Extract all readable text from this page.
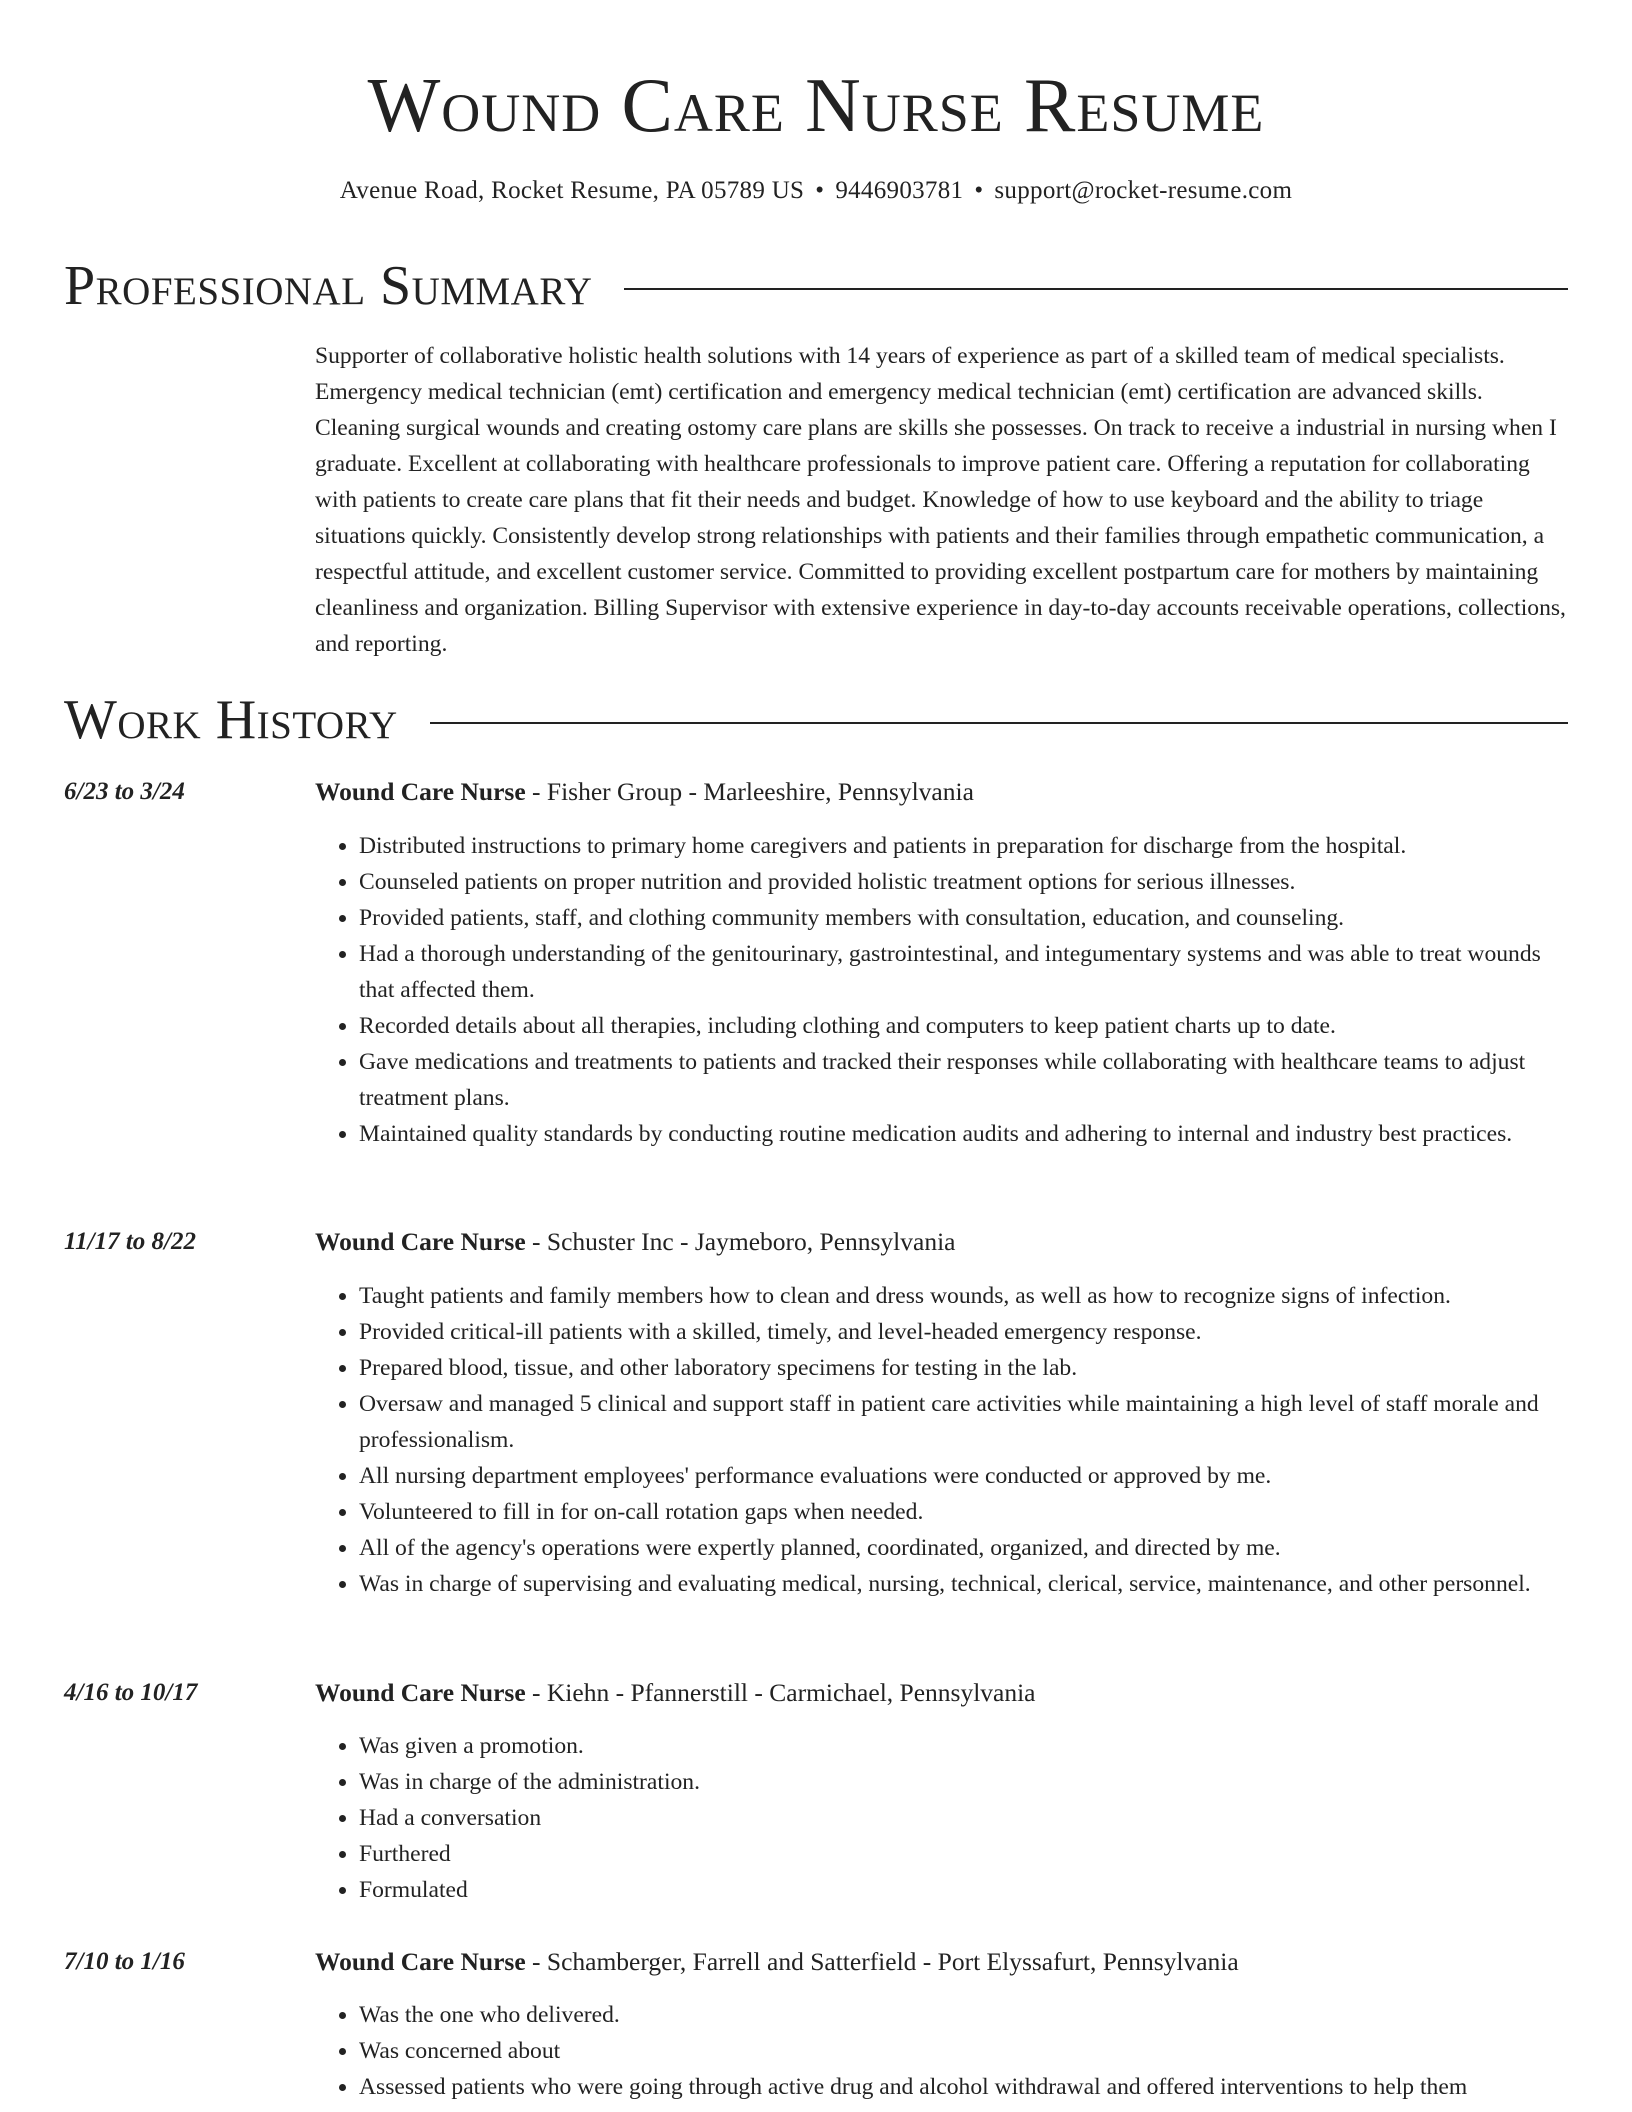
Wound Care Nurse Resume
Avenue Road, Rocket Resume, PA 05789 US • 9446903781 • support@rocket-resume.com
Professional Summary

Supporter of collaborative holistic health solutions with 14 years of experience as part of a skilled team of medical specialists. Emergency medical technician (emt) certification and emergency medical technician (emt) certification are advanced skills. Cleaning surgical wounds and creating ostomy care plans are skills she possesses. On track to receive a industrial in nursing when I graduate. Excellent at collaborating with healthcare professionals to improve patient care. Offering a reputation for collaborating with patients to create care plans that fit their needs and budget. Knowledge of how to use keyboard and the ability to triage situations quickly. Consistently develop strong relationships with patients and their families through empathetic communication, a respectful attitude, and excellent customer service. Committed to providing excellent postpartum care for mothers by maintaining cleanliness and organization. Billing Supervisor with extensive experience in day-to-day accounts receivable operations, collections, and reporting.

Work History
6/23 to 3/24	Wound Care Nurse - Fisher Group - Marleeshire, Pennsylvania
• Distributed instructions to primary home caregivers and patients in preparation for discharge from the hospital.
• Counseled patients on proper nutrition and provided holistic treatment options for serious illnesses.
• Provided patients, staff, and clothing community members with consultation, education, and counseling.
• Had a thorough understanding of the genitourinary, gastrointestinal, and integumentary systems and was able to treat wounds that affected them.
• Recorded details about all therapies, including clothing and computers to keep patient charts up to date.
• Gave medications and treatments to patients and tracked their responses while collaborating with healthcare teams to adjust treatment plans.
• Maintained quality standards by conducting routine medication audits and adhering to internal and industry best practices.
11/17 to 8/22	Wound Care Nurse - Schuster Inc - Jaymeboro, Pennsylvania
• Taught patients and family members how to clean and dress wounds, as well as how to recognize signs of infection.
• Provided critical-ill patients with a skilled, timely, and level-headed emergency response.
• Prepared blood, tissue, and other laboratory specimens for testing in the lab.
• Oversaw and managed 5 clinical and support staff in patient care activities while maintaining a high level of staff morale and professionalism.
• All nursing department employees' performance evaluations were conducted or approved by me.
• Volunteered to fill in for on-call rotation gaps when needed.
• All of the agency's operations were expertly planned, coordinated, organized, and directed by me.
• Was in charge of supervising and evaluating medical, nursing, technical, clerical, service, maintenance, and other personnel.
4/16 to 10/17	Wound Care Nurse - Kiehn - Pfannerstill - Carmichael, Pennsylvania
• Was given a promotion.
• Was in charge of the administration.
• Had a conversation
• Furthered
• Formulated
7/10 to 1/16	Wound Care Nurse - Schamberger, Farrell and Satterfield - Port Elyssafurt, Pennsylvania
• Was the one who delivered.
• Was concerned about
• Assessed patients who were going through active drug and alcohol withdrawal and offered interventions to help them
